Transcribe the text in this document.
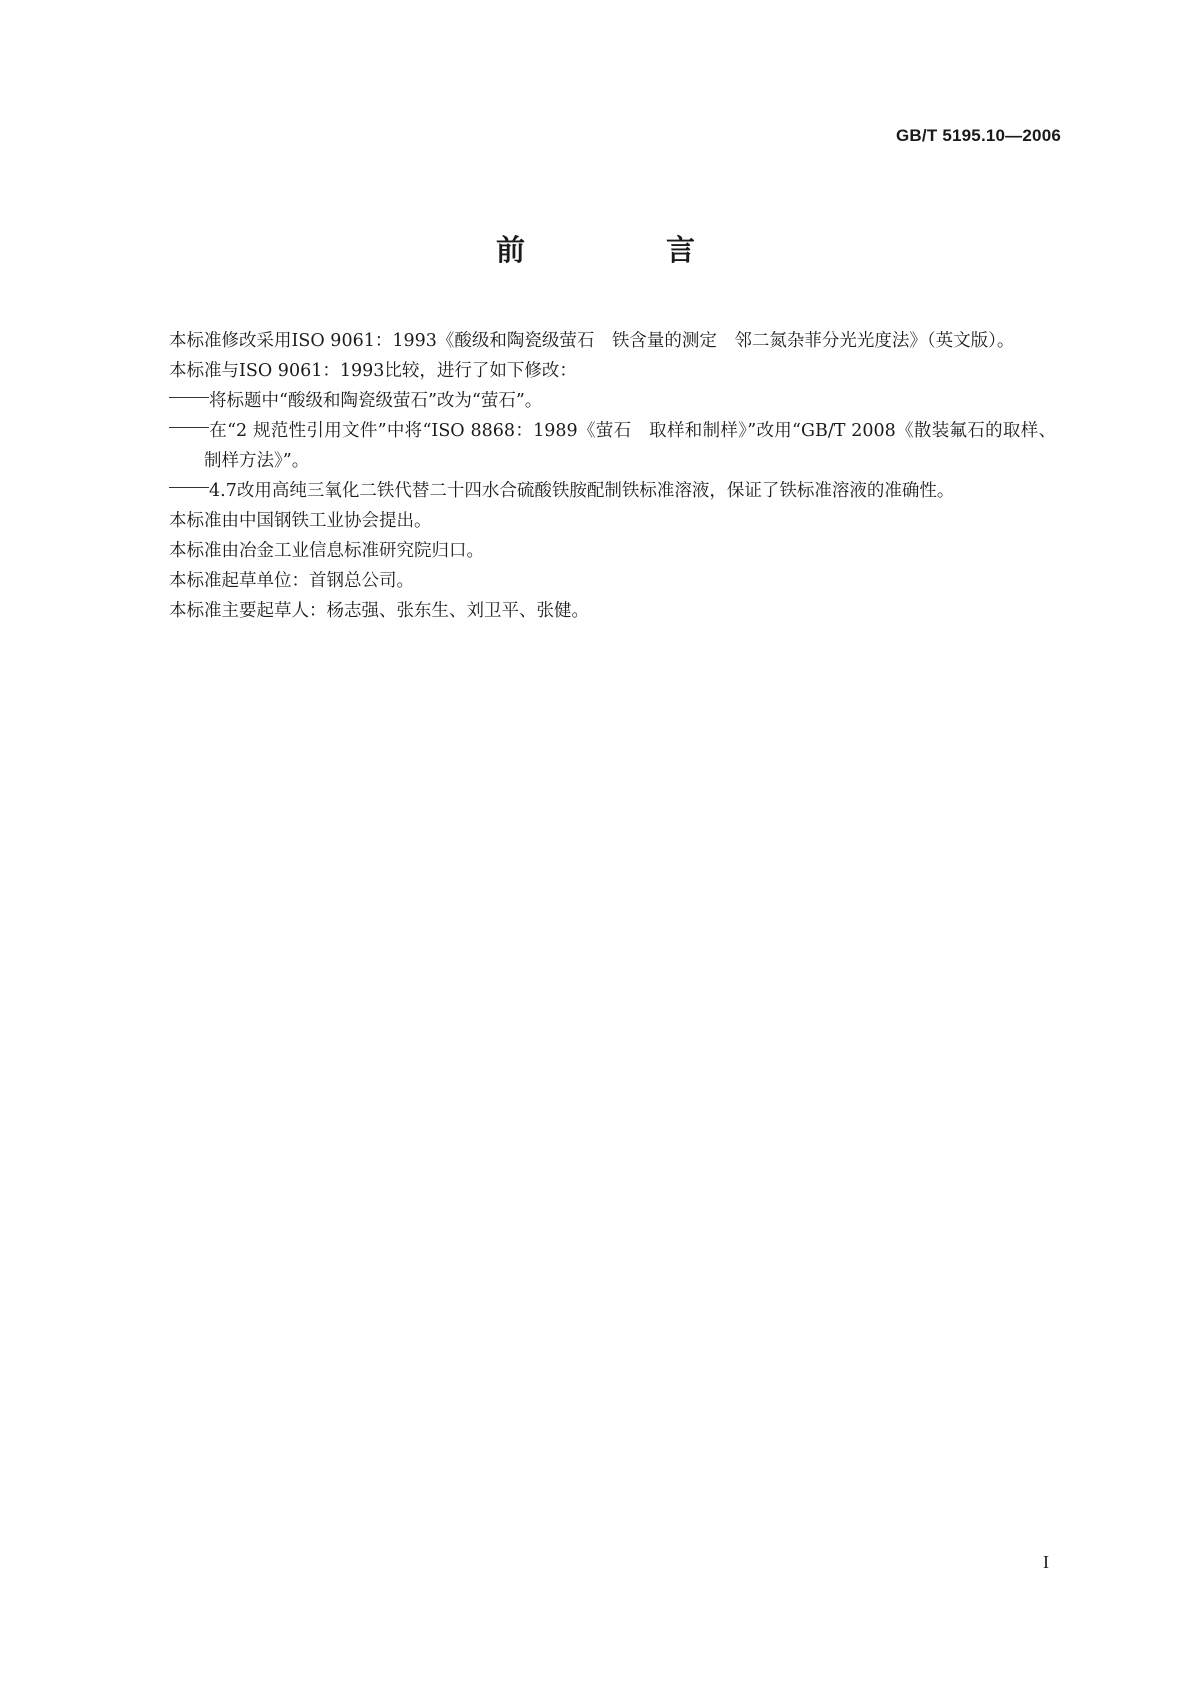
GB/T 5195.10—2006
前　言

本标准修改采用ISO 9061：1993《酸级和陶瓷级萤石　铁含量的测定　邻二氮杂菲分光光度法》（英文版）。

本标准与ISO 9061：1993比较，进行了如下修改：

将标题中“酸级和陶瓷级萤石”改为“萤石”。

在“2 规范性引用文件”中将“ISO 8868：1989《萤石　取样和制样》”改用“GB/T 2008《散装氟石的取样、制样方法》”。

4.7改用高纯三氧化二铁代替二十四水合硫酸铁胺配制铁标准溶液，保证了铁标准溶液的准确性。

本标准由中国钢铁工业协会提出。

本标准由冶金工业信息标准研究院归口。

本标准起草单位：首钢总公司。

本标准主要起草人：杨志强、张东生、刘卫平、张健。

I
